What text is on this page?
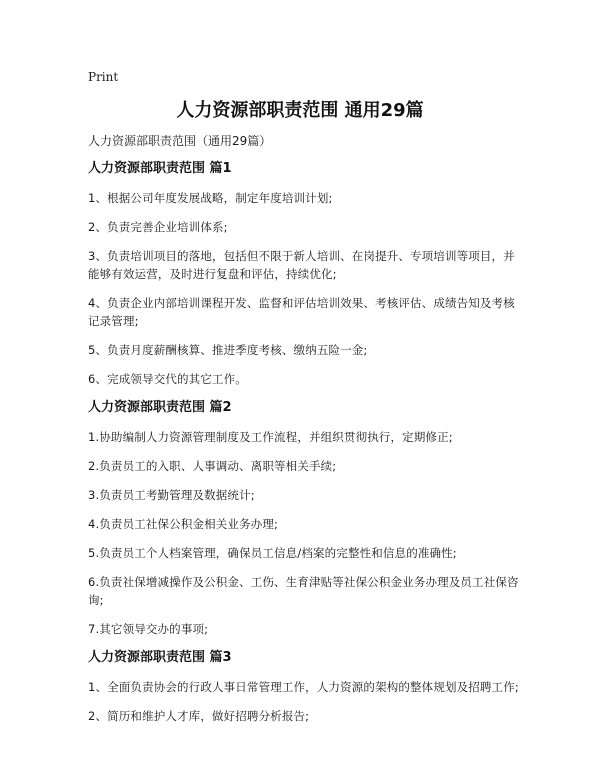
Print
人力资源部职责范围 通用29篇

人力资源部职责范围（通用29篇）

人力资源部职责范围 篇1

1、根据公司年度发展战略，制定年度培训计划;

2、负责完善企业培训体系;

3、负责培训项目的落地，包括但不限于新人培训、在岗提升、专项培训等项目，并能够有效运营，及时进行复盘和评估，持续优化;

4、负责企业内部培训课程开发、监督和评估培训效果、考核评估、成绩告知及考核记录管理;

5、负责月度薪酬核算、推进季度考核、缴纳五险一金;

6、完成领导交代的其它工作。

人力资源部职责范围 篇2

1.协助编制人力资源管理制度及工作流程，并组织贯彻执行，定期修正;

2.负责员工的入职、人事调动、离职等相关手续;

3.负责员工考勤管理及数据统计;

4.负责员工社保公积金相关业务办理;

5.负责员工个人档案管理，确保员工信息/档案的完整性和信息的准确性;

6.负责社保增减操作及公积金、工伤、生育津贴等社保公积金业务办理及员工社保咨询;

7.其它领导交办的事项;

人力资源部职责范围 篇3

1、全面负责协会的行政人事日常管理工作，人力资源的架构的整体规划及招聘工作;

2、简历和维护人才库，做好招聘分析报告;
